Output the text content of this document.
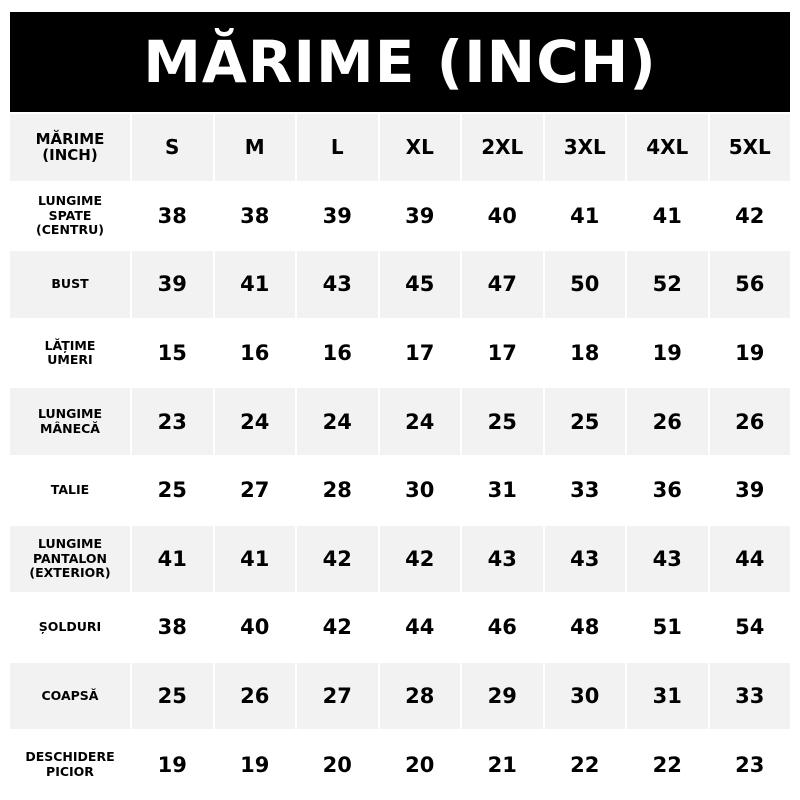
MĂRIME (INCH)
MĂRIME
(INCH)	S	M	L	XL	2XL	3XL	4XL	5XL
LUNGIME
SPATE
(CENTRU)
38	38	39	39	40	41	41	42
BUST	39	41	43	45	47	50	52	56
LĂȚIME
UMERI	15	16	16	17	17	18	19	19
LUNGIME
MÂNECĂ	23	24	24	24	25	25	26	26
TALIE	25	27	28	30	31	33	36	39
LUNGIME
PANTALON
(EXTERIOR)
41	41	42	42	43	43	43	44
ȘOLDURI	38	40	42	44	46	48	51	54
COAPSĂ	25	26	27	28	29	30	31	33
DESCHIDERE
PICIOR	19	19	20	20	21	22	22	23
